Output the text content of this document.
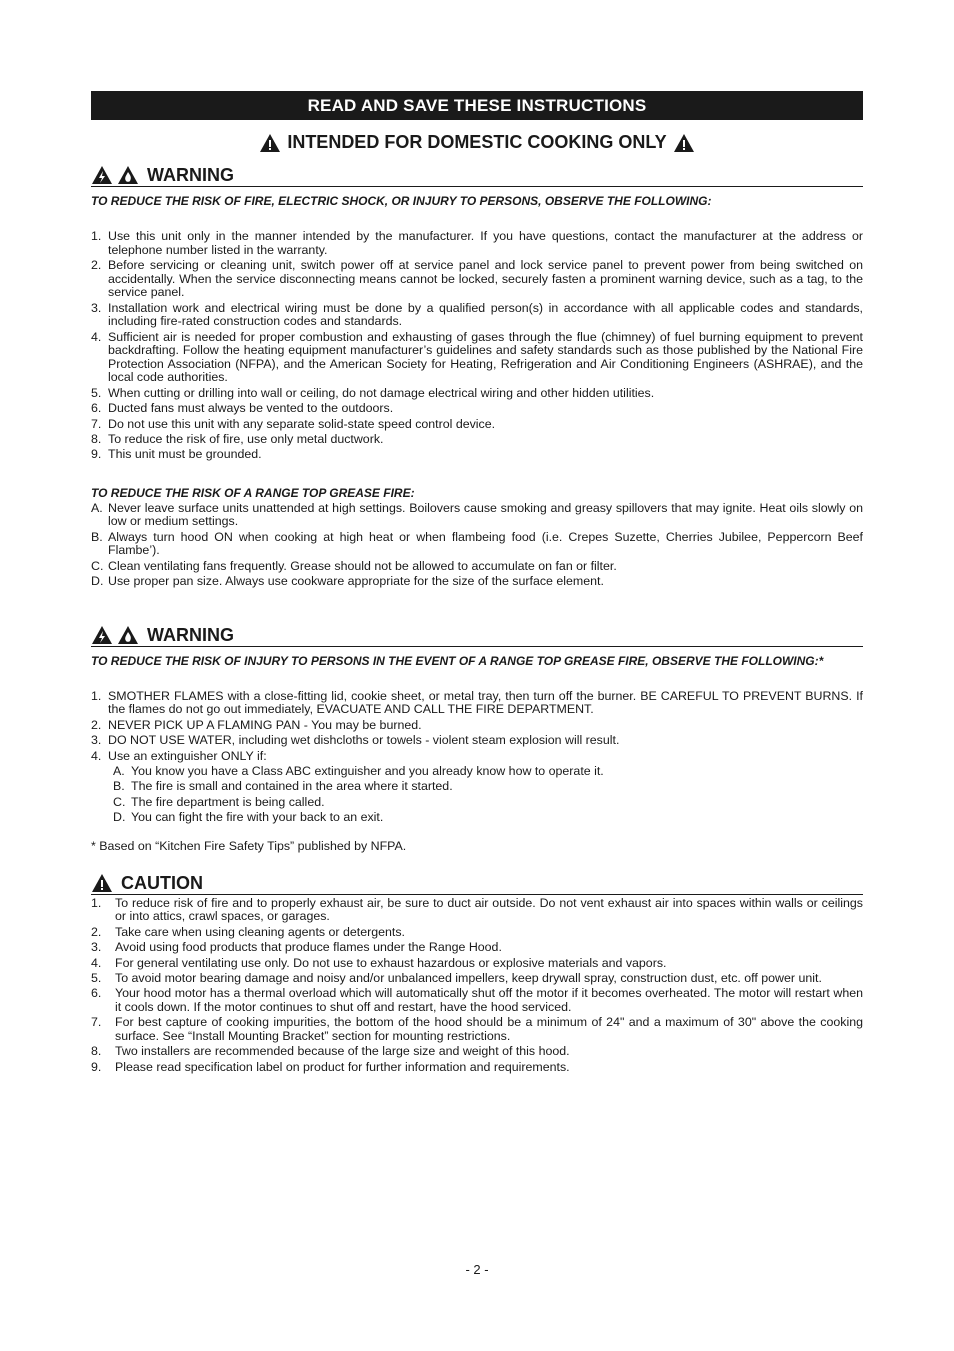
READ AND SAVE THESE INSTRUCTIONS
INTENDED FOR DOMESTIC COOKING ONLY
WARNING
TO REDUCE THE RISK OF FIRE, ELECTRIC SHOCK, OR INJURY TO PERSONS, OBSERVE THE FOLLOWING:
1. Use this unit only in the manner intended by the manufacturer. If you have questions, contact the manufacturer at the address or telephone number listed in the warranty.
2. Before servicing or cleaning unit, switch power off at service panel and lock service panel to prevent power from being switched on accidentally. When the service disconnecting means cannot be locked, securely fasten a prominent warning device, such as a tag, to the service panel.
3. Installation work and electrical wiring must be done by a qualified person(s) in accordance with all applicable codes and standards, including fire-rated construction codes and standards.
4. Sufficient air is needed for proper combustion and exhausting of gases through the flue (chimney) of fuel burning equipment to prevent backdrafting. Follow the heating equipment manufacturer’s guidelines and safety standards such as those published by the National Fire Protection Association (NFPA), and the American Society for Heating, Refrigeration and Air Conditioning Engineers (ASHRAE), and the local code authorities.
5. When cutting or drilling into wall or ceiling, do not damage electrical wiring and other hidden utilities.
6. Ducted fans must always be vented to the outdoors.
7. Do not use this unit with any separate solid-state speed control device.
8. To reduce the risk of fire, use only metal ductwork.
9. This unit must be grounded.
TO REDUCE THE RISK OF A RANGE TOP GREASE FIRE:
A. Never leave surface units unattended at high settings. Boilovers cause smoking and greasy spillovers that may ignite. Heat oils slowly on low or medium settings.
B. Always turn hood ON when cooking at high heat or when flambeing food (i.e. Crepes Suzette, Cherries Jubilee, Peppercorn Beef Flambe’).
C. Clean ventilating fans frequently. Grease should not be allowed to accumulate on fan or filter.
D. Use proper pan size. Always use cookware appropriate for the size of the surface element.
WARNING
TO REDUCE THE RISK OF INJURY TO PERSONS IN THE EVENT OF A RANGE TOP GREASE FIRE, OBSERVE THE FOLLOWING:*
1. SMOTHER FLAMES with a close-fitting lid, cookie sheet, or metal tray, then turn off the burner. BE CAREFUL TO PREVENT BURNS. If the flames do not go out immediately, EVACUATE AND CALL THE FIRE DEPARTMENT.
2. NEVER PICK UP A FLAMING PAN - You may be burned.
3. DO NOT USE WATER, including wet dishcloths or towels - violent steam explosion will result.
4. Use an extinguisher ONLY if:
A. You know you have a Class ABC extinguisher and you already know how to operate it.
B. The fire is small and contained in the area where it started.
C. The fire department is being called.
D. You can fight the fire with your back to an exit.
* Based on “Kitchen Fire Safety Tips” published by NFPA.
CAUTION
1.	To reduce risk of fire and to properly exhaust air, be sure to duct air outside. Do not vent exhaust air into spaces within walls or ceilings or into attics, crawl spaces, or garages.
2.	Take care when using cleaning agents or detergents.
3.	Avoid using food products that produce flames under the Range Hood.
4.	For general ventilating use only. Do not use to exhaust hazardous or explosive materials and vapors.
5.	To avoid motor bearing damage and noisy and/or unbalanced impellers, keep drywall spray, construction dust, etc. off power unit.
6.	Your hood motor has a thermal overload which will automatically shut off the motor if it becomes overheated. The motor will restart when it cools down. If the motor continues to shut off and restart, have the hood serviced.
7.	For best capture of cooking impurities, the bottom of the hood should be a minimum of 24" and a maximum of 30" above the cooking surface. See “Install Mounting Bracket” section for mounting restrictions.
8.	Two installers are recommended because of the large size and weight of this hood.
9.	Please read specification label on product for further information and requirements.
- 2 -
